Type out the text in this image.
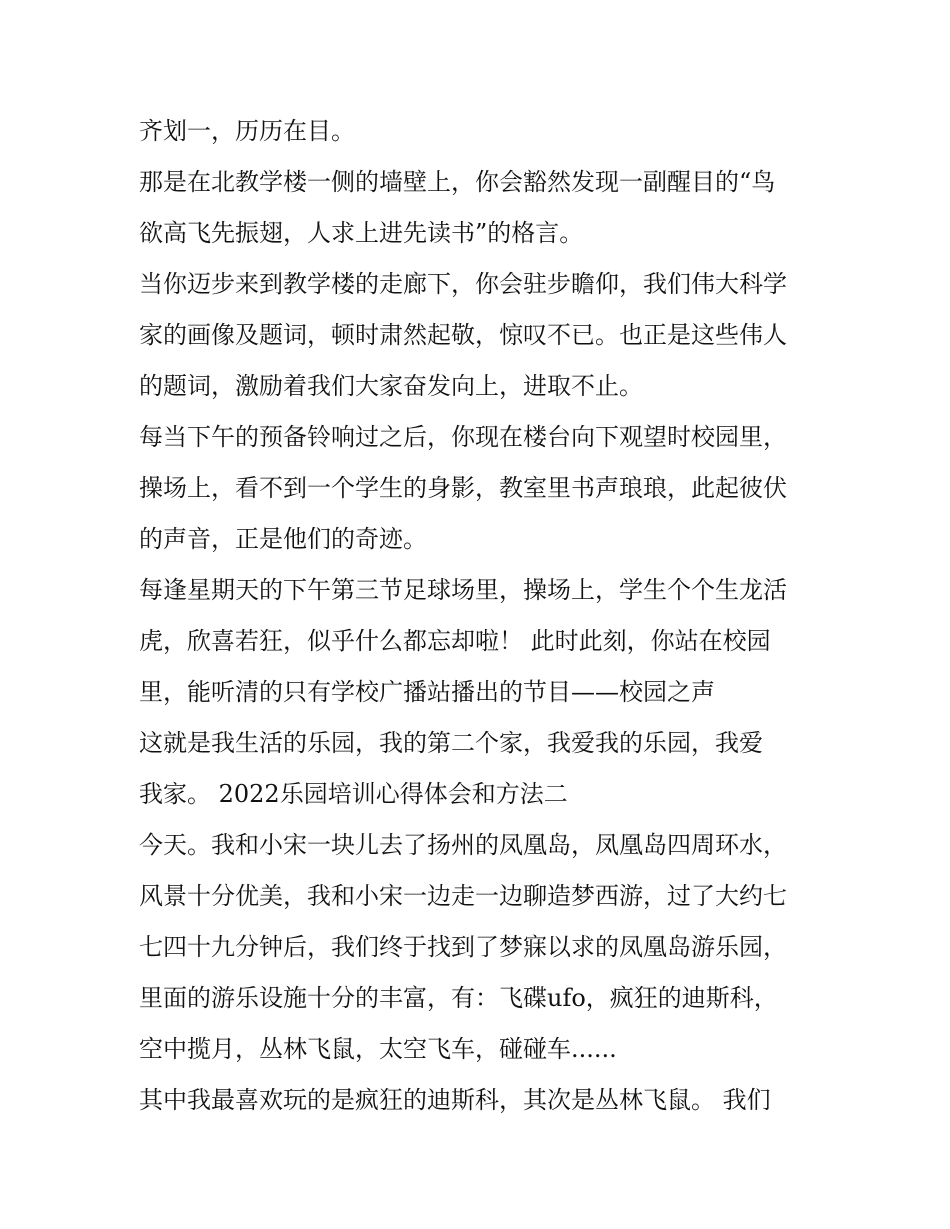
齐划一，历历在目。
那是在北教学楼一侧的墙壁上，你会豁然发现一副醒目的“鸟
欲高飞先振翅，人求上进先读书”的格言。
当你迈步来到教学楼的走廊下，你会驻步瞻仰，我们伟大科学
家的画像及题词，顿时肃然起敬，惊叹不已。也正是这些伟人
的题词，激励着我们大家奋发向上，进取不止。
每当下午的预备铃响过之后，你现在楼台向下观望时校园里，
操场上，看不到一个学生的身影，教室里书声琅琅，此起彼伏
的声音，正是他们的奇迹。
每逢星期天的下午第三节足球场里，操场上，学生个个生龙活
虎，欣喜若狂，似乎什么都忘却啦！ 此时此刻，你站在校园
里，能听清的只有学校广播站播出的节目——校园之声
这就是我生活的乐园，我的第二个家，我爱我的乐园，我爱
我家。 2022乐园培训心得体会和方法二
今天。我和小宋一块儿去了扬州的凤凰岛，凤凰岛四周环水，
风景十分优美，我和小宋一边走一边聊造梦西游，过了大约七
七四十九分钟后，我们终于找到了梦寐以求的凤凰岛游乐园，
里面的游乐设施十分的丰富，有：飞碟ufo，疯狂的迪斯科，
空中揽月，丛林飞鼠，太空飞车，碰碰车......
其中我最喜欢玩的是疯狂的迪斯科，其次是丛林飞鼠。 我们
